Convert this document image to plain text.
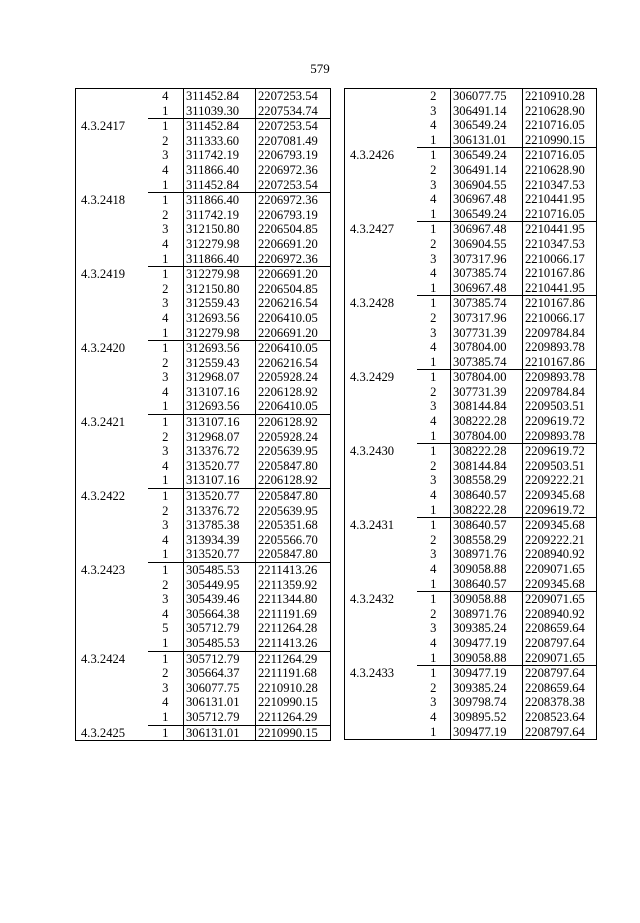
579
	4	311452.84	2207253.54
	1	311039.30	2207534.74
4.3.2417	1	311452.84	2207253.54
	2	311333.60	2207081.49
	3	311742.19	2206793.19
	4	311866.40	2206972.36
	1	311452.84	2207253.54
4.3.2418	1	311866.40	2206972.36
	2	311742.19	2206793.19
	3	312150.80	2206504.85
	4	312279.98	2206691.20
	1	311866.40	2206972.36
4.3.2419	1	312279.98	2206691.20
	2	312150.80	2206504.85
	3	312559.43	2206216.54
	4	312693.56	2206410.05
	1	312279.98	2206691.20
4.3.2420	1	312693.56	2206410.05
	2	312559.43	2206216.54
	3	312968.07	2205928.24
	4	313107.16	2206128.92
	1	312693.56	2206410.05
4.3.2421	1	313107.16	2206128.92
	2	312968.07	2205928.24
	3	313376.72	2205639.95
	4	313520.77	2205847.80
	1	313107.16	2206128.92
4.3.2422	1	313520.77	2205847.80
	2	313376.72	2205639.95
	3	313785.38	2205351.68
	4	313934.39	2205566.70
	1	313520.77	2205847.80
4.3.2423	1	305485.53	2211413.26
	2	305449.95	2211359.92
	3	305439.46	2211344.80
	4	305664.38	2211191.69
	5	305712.79	2211264.28
	1	305485.53	2211413.26
4.3.2424	1	305712.79	2211264.29
	2	305664.37	2211191.68
	3	306077.75	2210910.28
	4	306131.01	2210990.15
	1	305712.79	2211264.29
4.3.2425	1	306131.01	2210990.15
	2	306077.75	2210910.28
	3	306491.14	2210628.90
	4	306549.24	2210716.05
	1	306131.01	2210990.15
4.3.2426	1	306549.24	2210716.05
	2	306491.14	2210628.90
	3	306904.55	2210347.53
	4	306967.48	2210441.95
	1	306549.24	2210716.05
4.3.2427	1	306967.48	2210441.95
	2	306904.55	2210347.53
	3	307317.96	2210066.17
	4	307385.74	2210167.86
	1	306967.48	2210441.95
4.3.2428	1	307385.74	2210167.86
	2	307317.96	2210066.17
	3	307731.39	2209784.84
	4	307804.00	2209893.78
	1	307385.74	2210167.86
4.3.2429	1	307804.00	2209893.78
	2	307731.39	2209784.84
	3	308144.84	2209503.51
	4	308222.28	2209619.72
	1	307804.00	2209893.78
4.3.2430	1	308222.28	2209619.72
	2	308144.84	2209503.51
	3	308558.29	2209222.21
	4	308640.57	2209345.68
	1	308222.28	2209619.72
4.3.2431	1	308640.57	2209345.68
	2	308558.29	2209222.21
	3	308971.76	2208940.92
	4	309058.88	2209071.65
	1	308640.57	2209345.68
4.3.2432	1	309058.88	2209071.65
	2	308971.76	2208940.92
	3	309385.24	2208659.64
	4	309477.19	2208797.64
	1	309058.88	2209071.65
4.3.2433	1	309477.19	2208797.64
	2	309385.24	2208659.64
	3	309798.74	2208378.38
	4	309895.52	2208523.64
	1	309477.19	2208797.64
